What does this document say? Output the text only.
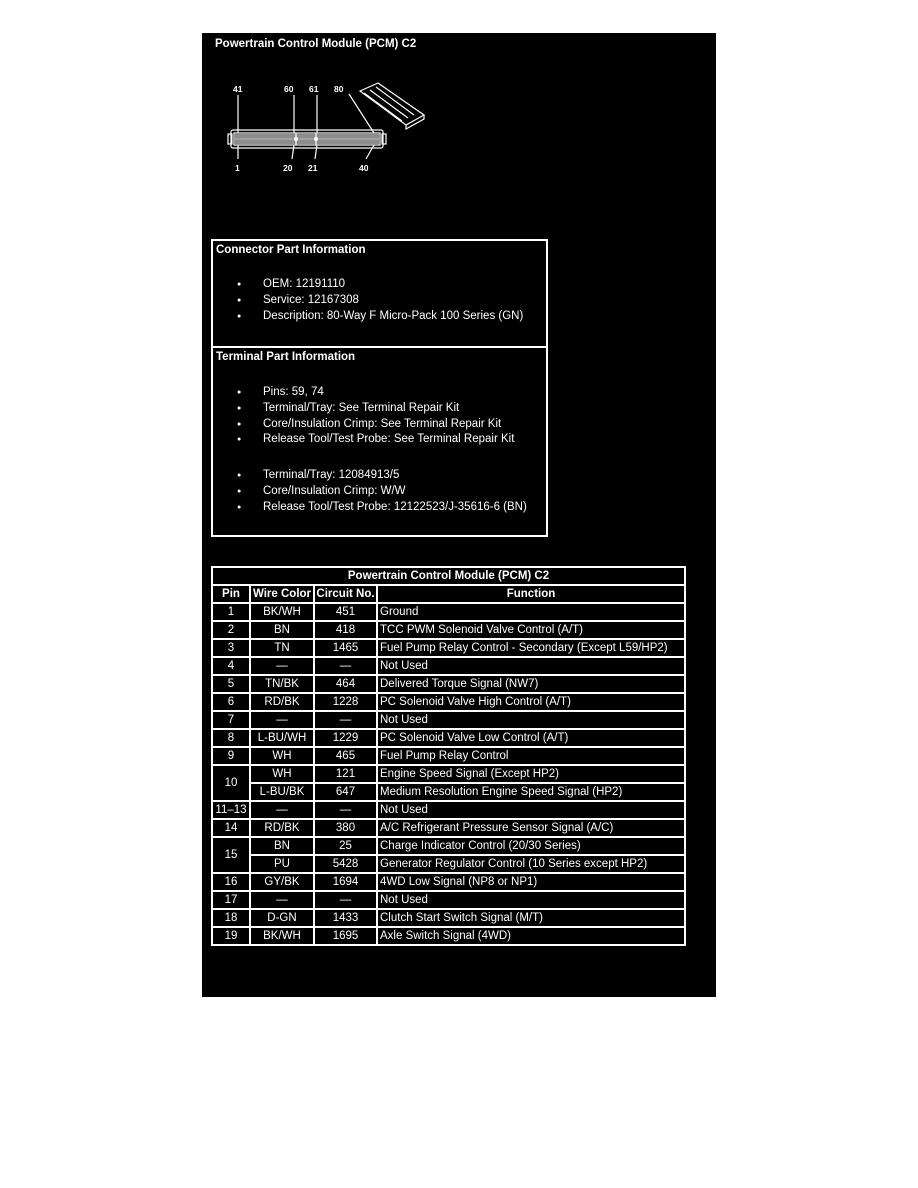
Powertrain Control Module (PCM) C2
41	60 61 80
1	20 21	40
Connector Part Information
● OEM: 12191110
● Service: 12167308
● Description: 80-Way F Micro-Pack 100 Series (GN)
Terminal Part Information
● Pins: 59, 74
● Terminal/Tray: See Terminal Repair Kit
● Core/Insulation Crimp: See Terminal Repair Kit
● Release Tool/Test Probe: See Terminal Repair Kit
● Terminal/Tray: 12084913/5
● Core/Insulation Crimp: W/W
● Release Tool/Test Probe: 12122523/J-35616-6 (BN)
Powertrain Control Module (PCM) C2			
Pin	Wire Color	Circuit No.	Function
1	BK/WH	451	Ground
2	BN	418	TCC PWM Solenoid Valve Control (A/T)
3	TN	1465	Fuel Pump Relay Control - Secondary (Except L59/HP2)
4	—	—	Not Used
5	TN/BK	464	Delivered Torque Signal (NW7)
6	RD/BK	1228	PC Solenoid Valve High Control (A/T)
7	—	—	Not Used
8	L-BU/WH	1229	PC Solenoid Valve Low Control (A/T)
9	WH	465	Fuel Pump Relay Control
10	WH	121	Engine Speed Signal (Except HP2)
	L-BU/BK	647	Medium Resolution Engine Speed Signal (HP2)
11–13	—	—	Not Used
14	RD/BK	380	A/C Refrigerant Pressure Sensor Signal (A/C)
15	BN	25	Charge Indicator Control (20/30 Series)
	PU	5428	Generator Regulator Control (10 Series except HP2)
16	GY/BK	1694	4WD Low Signal (NP8 or NP1)
17	—	—	Not Used
18	D-GN	1433	Clutch Start Switch Signal (M/T)
19	BK/WH	1695	Axle Switch Signal (4WD)
